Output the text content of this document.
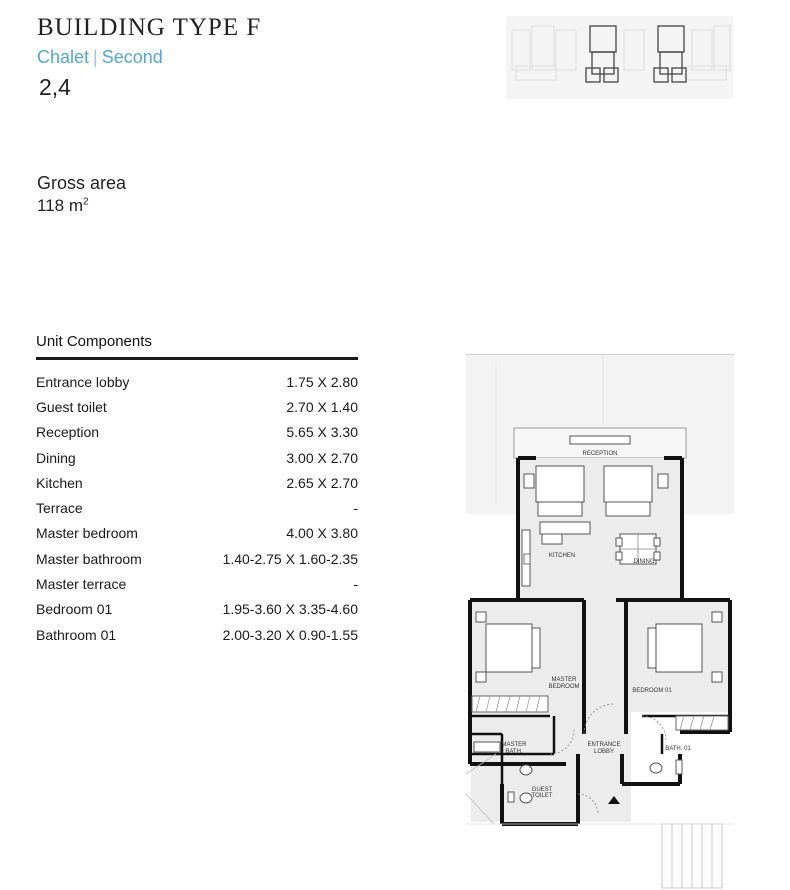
BUILDING TYPE F
Chalet | Second
2,4
Gross area
118 $m^2$
Unit Components
Entrance lobby	1.75 X 2.80
Guest toilet	2.70 X 1.40
Reception	5.65 X 3.30
Dining	3.00 X 2.70
Kitchen	2.65 X 2.70
Terrace	-
Master bedroom	4.00 X 3.80
Master bathroom	1.40-2.75 X 1.60-2.35
Master terrace	-
Bedroom 01	1.95-3.60 X 3.35-4.60
Bathroom 01	2.00-3.20 X 0.90-1.55
RECEPTION
KITCHEN
DINING
MASTER
BEDROOM
BEDROOM 01
MASTER
BATH.
ENTRANCE
LOBBY	BATH. 01
GUEST
TOILET
